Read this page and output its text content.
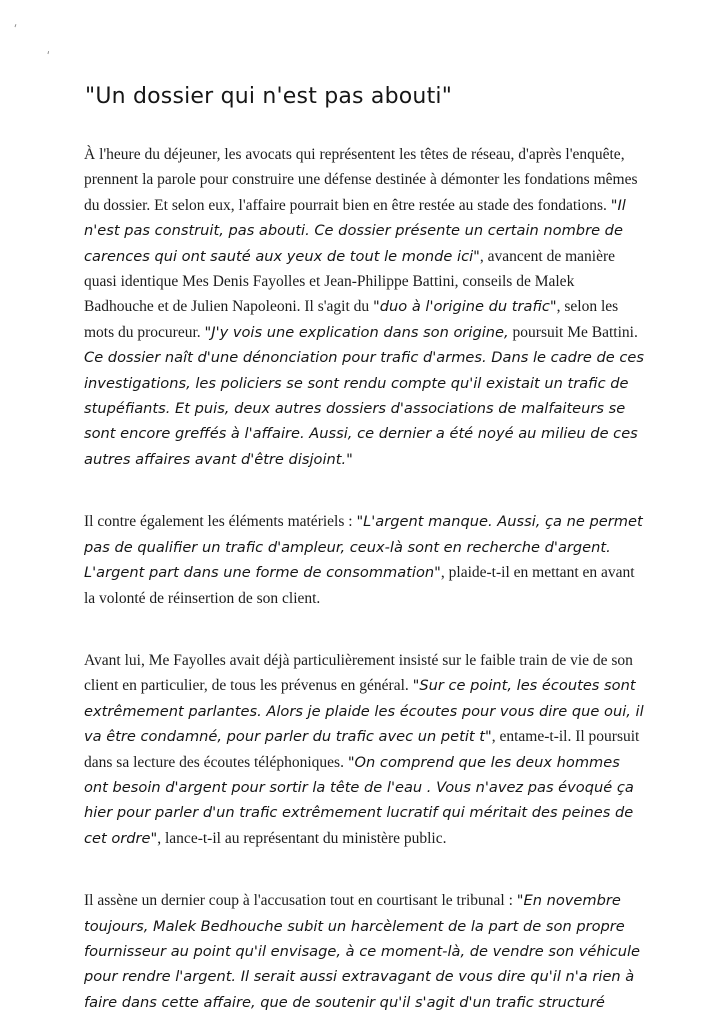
'
'
"Un dossier qui n'est pas abouti"

À l'heure du déjeuner, les avocats qui représentent les têtes de réseau, d'après l'enquête, prennent la parole pour construire une défense destinée à démonter les fondations mêmes du dossier. Et selon eux, l'affaire pourrait bien en être restée au stade des fondations. "Il n'est pas construit, pas abouti. Ce dossier présente un certain nombre de carences qui ont sauté aux yeux de tout le monde ici", avancent de manière quasi identique Mes Denis Fayolles et Jean-Philippe Battini, conseils de Malek Badhouche et de Julien Napoleoni. Il s'agit du "duo à l'origine du trafic", selon les mots du procureur. "J'y vois une explication dans son origine, poursuit Me Battini. Ce dossier naît d'une dénonciation pour trafic d'armes. Dans le cadre de ces investigations, les policiers se sont rendu compte qu'il existait un trafic de stupéfiants. Et puis, deux autres dossiers d'associations de malfaiteurs se sont encore greffés à l'affaire. Aussi, ce dernier a été noyé au milieu de ces autres affaires avant d'être disjoint."

Il contre également les éléments matériels : "L'argent manque. Aussi, ça ne permet pas de qualifier un trafic d'ampleur, ceux-là sont en recherche d'argent. L'argent part dans une forme de consommation", plaide-t-il en mettant en avant la volonté de réinsertion de son client.

Avant lui, Me Fayolles avait déjà particulièrement insisté sur le faible train de vie de son client en particulier, de tous les prévenus en général. "Sur ce point, les écoutes sont extrêmement parlantes. Alors je plaide les écoutes pour vous dire que oui, il va être condamné, pour parler du trafic avec un petit t", entame-t-il. Il poursuit dans sa lecture des écoutes téléphoniques. "On comprend que les deux hommes ont besoin d'argent pour sortir la tête de l'eau . Vous n'avez pas évoqué ça hier pour parler d'un trafic extrêmement lucratif qui méritait des peines de cet ordre", lance-t-il au représentant du ministère public.

Il assène un dernier coup à l'accusation tout en courtisant le tribunal : "En novembre toujours, Malek Bedhouche subit un harcèlement de la part de son propre fournisseur au point qu'il envisage, à ce moment-là, de vendre son véhicule pour rendre l'argent. Il serait aussi extravagant de vous dire qu'il n'a rien à faire dans cette affaire, que de soutenir qu'il s'agit d'un trafic structuré
